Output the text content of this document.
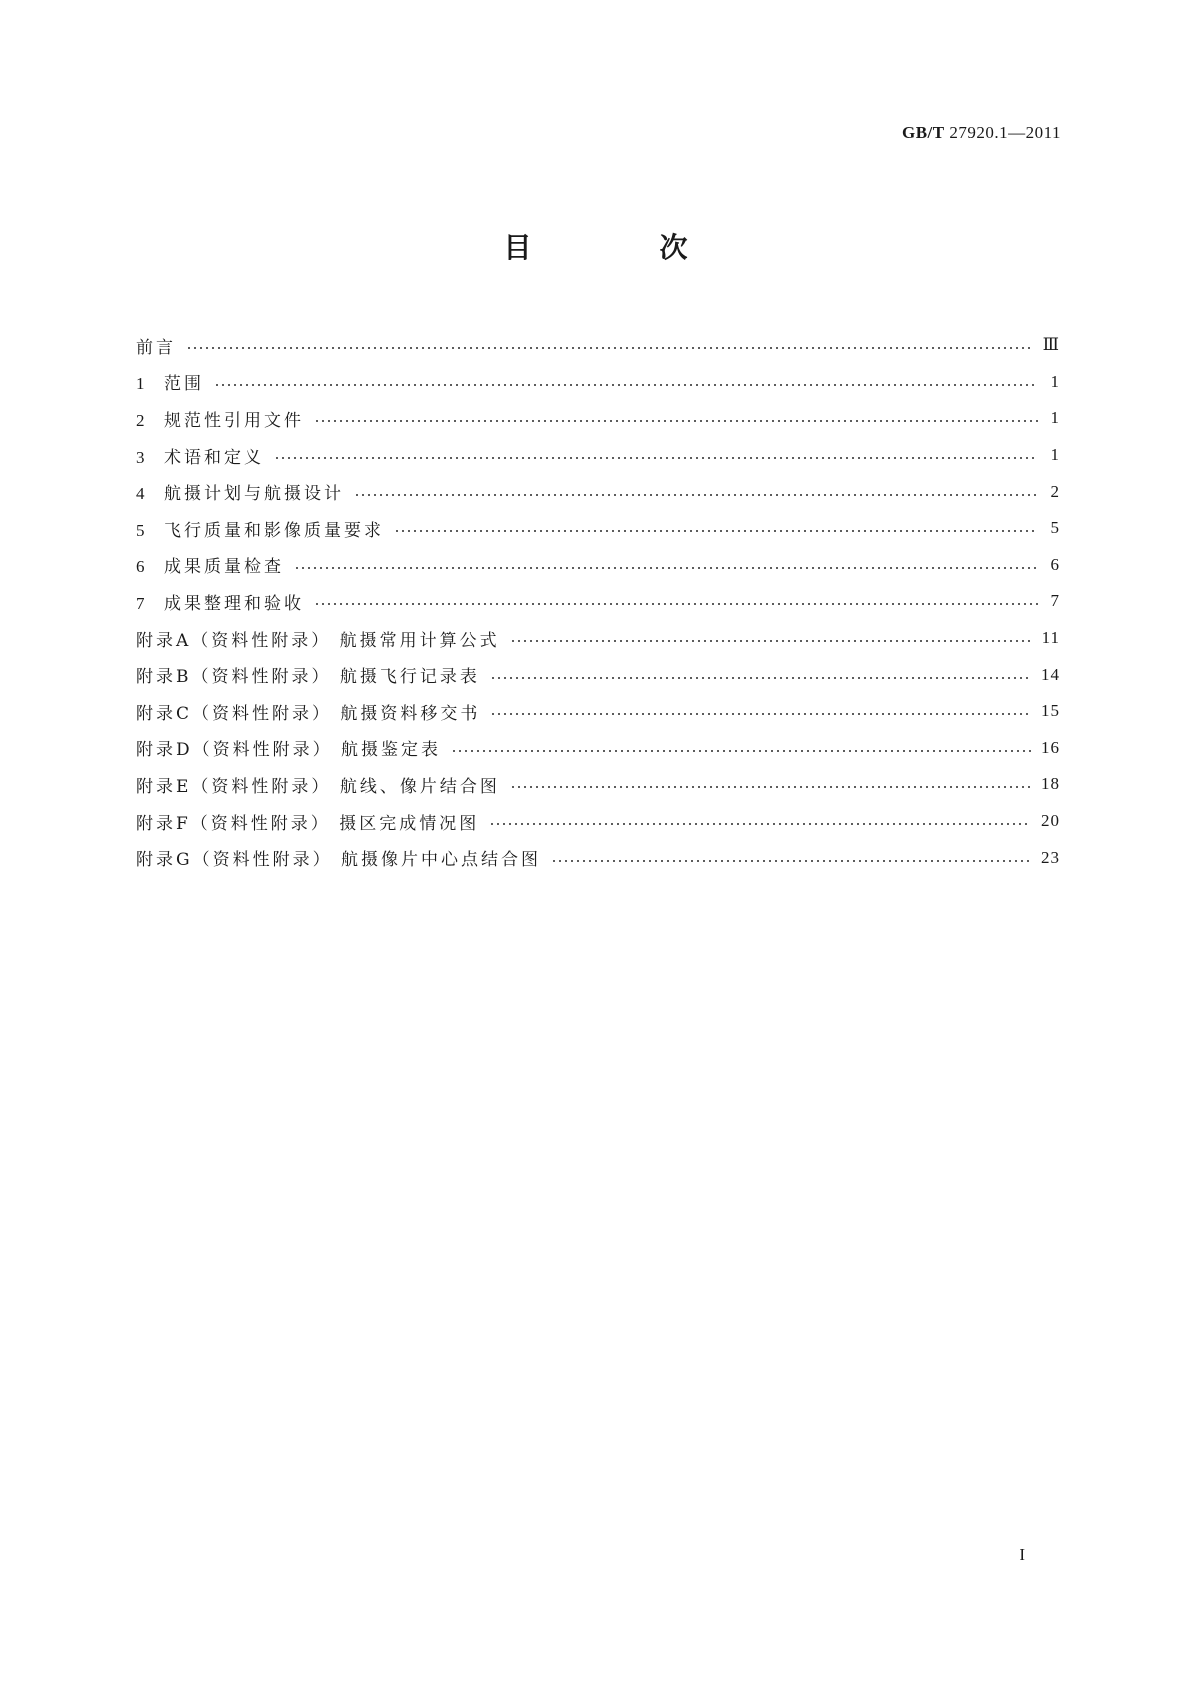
GB/T 27920.1—2011
目　次
前言	Ⅲ
1 范围	1
2 规范性引用文件	1
3 术语和定义	1
4 航摄计划与航摄设计	2
5 飞行质量和影像质量要求	5
6 成果质量检查	6
7 成果整理和验收	7
附录A（资料性附录） 航摄常用计算公式	11
附录B（资料性附录） 航摄飞行记录表	14
附录C（资料性附录） 航摄资料移交书	15
附录D（资料性附录） 航摄鉴定表	16
附录E（资料性附录） 航线、像片结合图	18
附录F（资料性附录） 摄区完成情况图	20
附录G（资料性附录） 航摄像片中心点结合图	23
I
